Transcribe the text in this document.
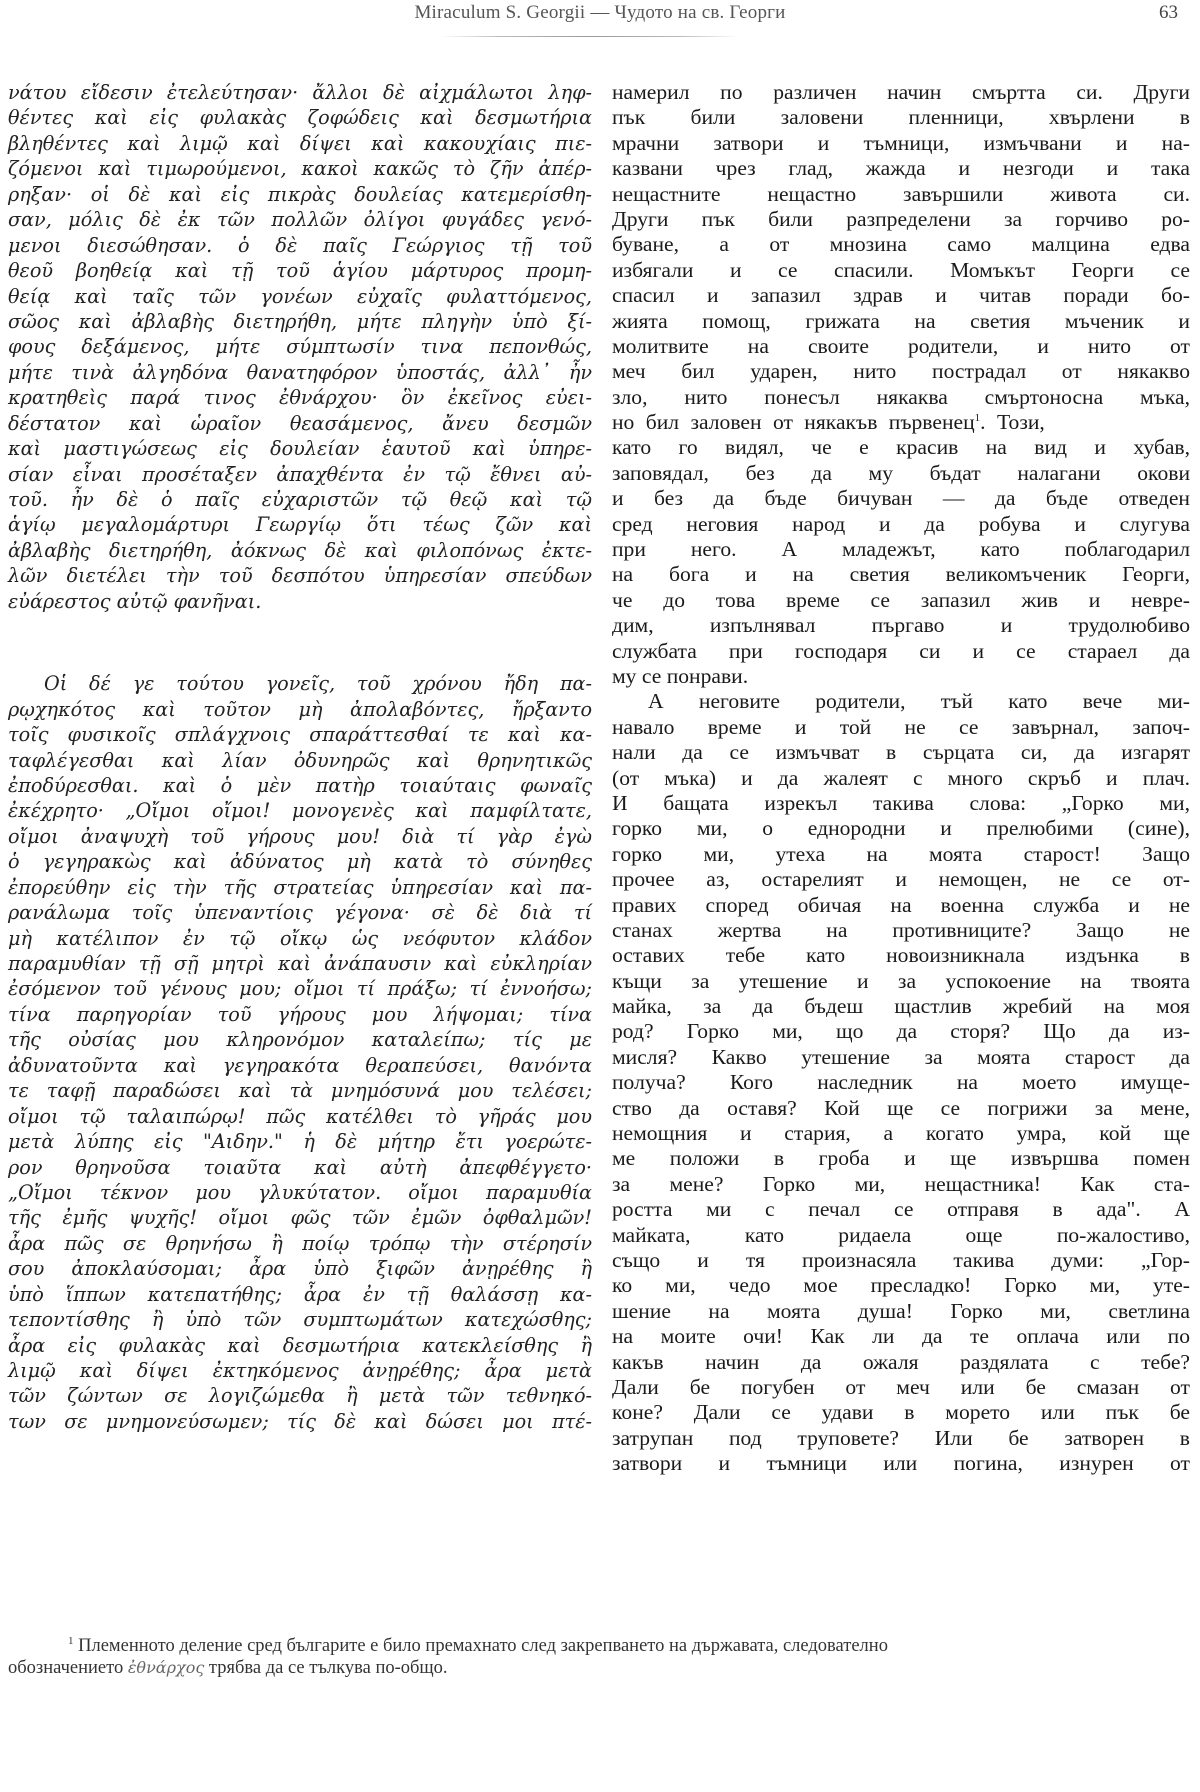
Miraculum S. Georgii — Чудото на св. Георги	63
νάτου εἴδεσιν ἐτελεύτησαν· ἄλλοι δὲ αἰχμάλωτοι ληφ-
θέντες καὶ εἰς φυλακὰς ζοφώδεις καὶ δεσμωτήρια
βληθέντες καὶ λιμῷ καὶ δίψει καὶ κακουχίαις πιε-
ζόμενοι καὶ τιμωρούμενοι, κακοὶ κακῶς τὸ ζῆν ἀπέρ-
ρηξαν· οἱ δὲ καὶ εἰς πικρὰς δουλείας κατεμερίσθη-
σαν, μόλις δὲ ἐκ τῶν πολλῶν ὀλίγοι φυγάδες γενό-
μενοι διεσώθησαν. ὁ δὲ παῖς Γεώργιος τῇ τοῦ
θεοῦ βοηθείᾳ καὶ τῇ τοῦ ἁγίου μάρτυρος προμη-
θείᾳ καὶ ταῖς τῶν γονέων εὐχαῖς φυλαττόμενος,
σῶος καὶ ἀβλαβὴς διετηρήθη, μήτε πληγὴν ὑπὸ ξί-
φους δεξάμενος, μήτε σύμπτωσίν τινα πεπονθώς,
μήτε τινὰ ἀλγηδόνα θανατηφόρον ὑποστάς, ἀλλ᾿ ἦν
κρατηθεὶς παρά τινος ἐθνάρχου· ὃν ἐκεῖνος εὐει-
δέστατον καὶ ὡραῖον θεασάμενος, ἄνευ δεσμῶν
καὶ μαστιγώσεως εἰς δουλείαν ἑαυτοῦ καὶ ὑπηρε-
σίαν εἶναι προσέταξεν ἀπαχθέντα ἐν τῷ ἔθνει αὐ-
τοῦ. ἦν δὲ ὁ παῖς εὐχαριστῶν τῷ θεῷ καὶ τῷ
ἁγίῳ μεγαλομάρτυρι Γεωργίῳ ὅτι τέως ζῶν καὶ
ἀβλαβὴς διετηρήθη, ἀόκνως δὲ καὶ φιλοπόνως ἐκτε-
λῶν διετέλει τὴν τοῦ δεσπότου ὑπηρεσίαν σπεύδων
εὐάρεστος αὐτῷ φανῆναι.
Οἱ δέ γε τούτου γονεῖς, τοῦ χρόνου ἤδη πα-
ρῳχηκότος καὶ τοῦτον μὴ ἀπολαβόντες, ἤρξαντο
τοῖς φυσικοῖς σπλάγχνοις σπαράττεσθαί τε καὶ κα-
ταφλέγεσθαι καὶ λίαν ὀδυνηρῶς καὶ θρηνητικῶς
ἐποδύρεσθαι. καὶ ὁ μὲν πατὴρ τοιαύταις φωναῖς
ἐκέχρητο· „Οἴμοι οἴμοι! μονογενὲς καὶ παμφίλτατε,
οἴμοι ἀναψυχὴ τοῦ γήρους μου! διὰ τί γὰρ ἐγὼ
ὁ γεγηρακὼς καὶ ἀδύνατος μὴ κατὰ τὸ σύνηθες
ἐπορεύθην εἰς τὴν τῆς στρατείας ὑπηρεσίαν καὶ πα-
ρανάλωμα τοῖς ὑπεναντίοις γέγονα· σὲ δὲ διὰ τί
μὴ κατέλιπον ἐν τῷ οἴκῳ ὡς νεόφυτον κλάδον
παραμυθίαν τῇ σῇ μητρὶ καὶ ἀνάπαυσιν καὶ εὐκληρίαν
ἐσόμενον τοῦ γένους μου; οἴμοι τί πράξω; τί ἐννοήσω;
τίνα παρηγορίαν τοῦ γήρους μου λήψομαι; τίνα
τῆς οὐσίας μου κληρονόμον καταλείπω; τίς με
ἀδυνατοῦντα καὶ γεγηρακότα θεραπεύσει, θανόντα
τε ταφῇ παραδώσει καὶ τὰ μνημόσυνά μου τελέσει;
οἴμοι τῷ ταλαιπώρῳ! πῶς κατέλθει τὸ γῆράς μου
μετὰ λύπης εἰς "Αιδην." ἡ δὲ μήτηρ ἔτι γοερώτε-
ρον θρηνοῦσα τοιαῦτα καὶ αὐτὴ ἀπεφθέγγετο·
„Οἴμοι τέκνον μου γλυκύτατον. οἴμοι παραμυθία
τῆς ἐμῆς ψυχῆς! οἴμοι φῶς τῶν ἐμῶν ὀφθαλμῶν!
ἆρα πῶς σε θρηνήσω ἢ ποίῳ τρόπῳ τὴν στέρησίν
σου ἀποκλαύσομαι; ἆρα ὑπὸ ξιφῶν ἀνῃρέθης ἢ
ὑπὸ ἵππων κατεπατήθης; ἆρα ἐν τῇ θαλάσσῃ κα-
τεποντίσθης ἢ ὑπὸ τῶν συμπτωμάτων κατεχώσθης;
ἆρα εἰς φυλακὰς καὶ δεσμωτήρια κατεκλείσθης ἢ
λιμῷ καὶ δίψει ἐκτηκόμενος ἀνῃρέθης; ἆρα μετὰ
τῶν ζώντων σε λογιζώμεθα ἢ μετὰ τῶν τεθνηκό-
των σε μνημονεύσωμεν; τίς δὲ καὶ δώσει μοι πτέ-
намерил по различен начин смъртта си. Други
пък били заловени пленници, хвърлени в
мрачни затвори и тъмници, измъчвани и на-
казвани чрез глад, жажда и незгоди и така
нещастните нещастно завършили живота си.
Други пък били разпределени за горчиво ро-
буване, а от мнозина само малцина едва
избягали и се спасили. Момъкът Георги се
спасил и запазил здрав и читав поради бо-
жията помощ, грижата на светия мъченик и
молитвите на своите родители, и нито от
меч бил ударен, нито пострадал от някакво
зло, нито понесъл някаква смъртоносна мъка,
но бил заловен от някакъв първенец$^1$. Този,
като го видял, че е красив на вид и хубав,
заповядал, без да му бъдат налагани окови
и без да бъде бичуван — да бъде отведен
сред неговия народ и да робува и слугува
при него. А младежът, като поблагодарил
на бога и на светия великомъченик Георги,
че до това време се запазил жив и невре-
дим, изпълнявал пъргаво и трудолюбиво
службата при господаря си и се стараел да
му се понрави.
А неговите родители, тъй като вече ми-
навало време и той не се завърнал, започ-
нали да се измъчват в сърцата си, да изгарят
(от мъка) и да жалеят с много скръб и плач.
И бащата изрекъл такива слова: „Горко ми,
горко ми, о еднородни и прелюбими (сине),
горко ми, утеха на моята старост! Защо
прочее аз, остарелият и немощен, не се от-
правих според обичая на военна служба и не
станах жертва на противниците? Защо не
оставих тебе като новоизникнала издънка в
къщи за утешение и за успокоение на твоята
майка, за да бъдеш щастлив жребий на моя
род? Горко ми, що да сторя? Що да из-
мисля? Какво утешение за моята старост да
получа? Кого наследник на моето имуще-
ство да оставя? Кой ще се погрижи за мене,
немощния и стария, а когато умра, кой ще
ме положи в гроба и ще извършва помен
за мене? Горко ми, нещастника! Как ста-
ростта ми с печал се отправя в ада". А
майката, като ридаела още по-жалостиво,
също и тя произнасяла такива думи: „Гор-
ко ми, чедо мое пресладко! Горко ми, уте-
шение на моята душа! Горко ми, светлина
на моите очи! Как ли да те оплача или по
какъв начин да ожаля раздялата с тебе?
Дали бе погубен от меч или бе смазан от
коне? Дали се удави в морето или пък бе
затрупан под труповете? Или бе затворен в
затвори и тъмници или погина, изнурен от
$^1$ Племенното деление сред българите е било премахнато след закрепването на държавата, следователно
обозначението ἐθνάρχος трябва да се тълкува по-общо.
